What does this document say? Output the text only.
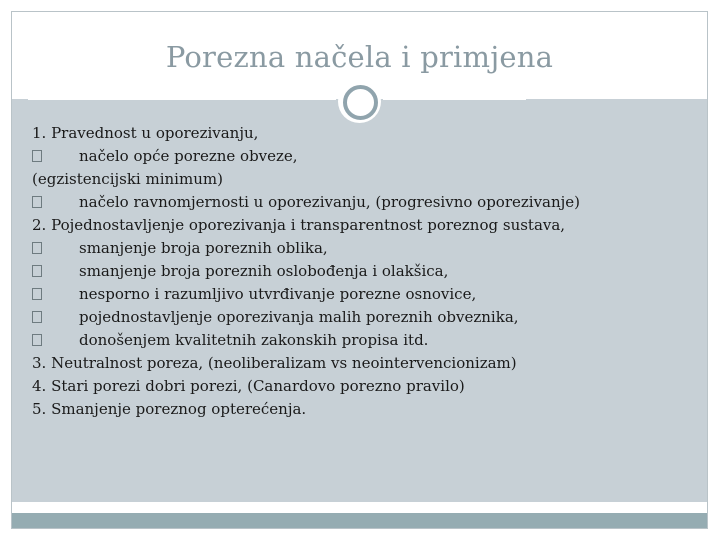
Porezna načela i primjena
1. Pravednost u oporezivanju,
načelo opće porezne obveze,
(egzistencijski minimum)
načelo ravnomjernosti u oporezivanju, (progresivno oporezivanje)
2. Pojednostavljenje oporezivanja i transparentnost poreznog sustava,
smanjenje broja poreznih oblika,
smanjenje broja poreznih oslobođenja i olakšica,
nesporno i razumljivo utvrđivanje porezne osnovice,
pojednostavljenje oporezivanja malih poreznih obveznika,
donošenjem kvalitetnih zakonskih propisa itd.
3. Neutralnost poreza, (neoliberalizam vs neointervencionizam)
4. Stari porezi dobri porezi, (Canardovo porezno pravilo)
5. Smanjenje poreznog opterećenja.
